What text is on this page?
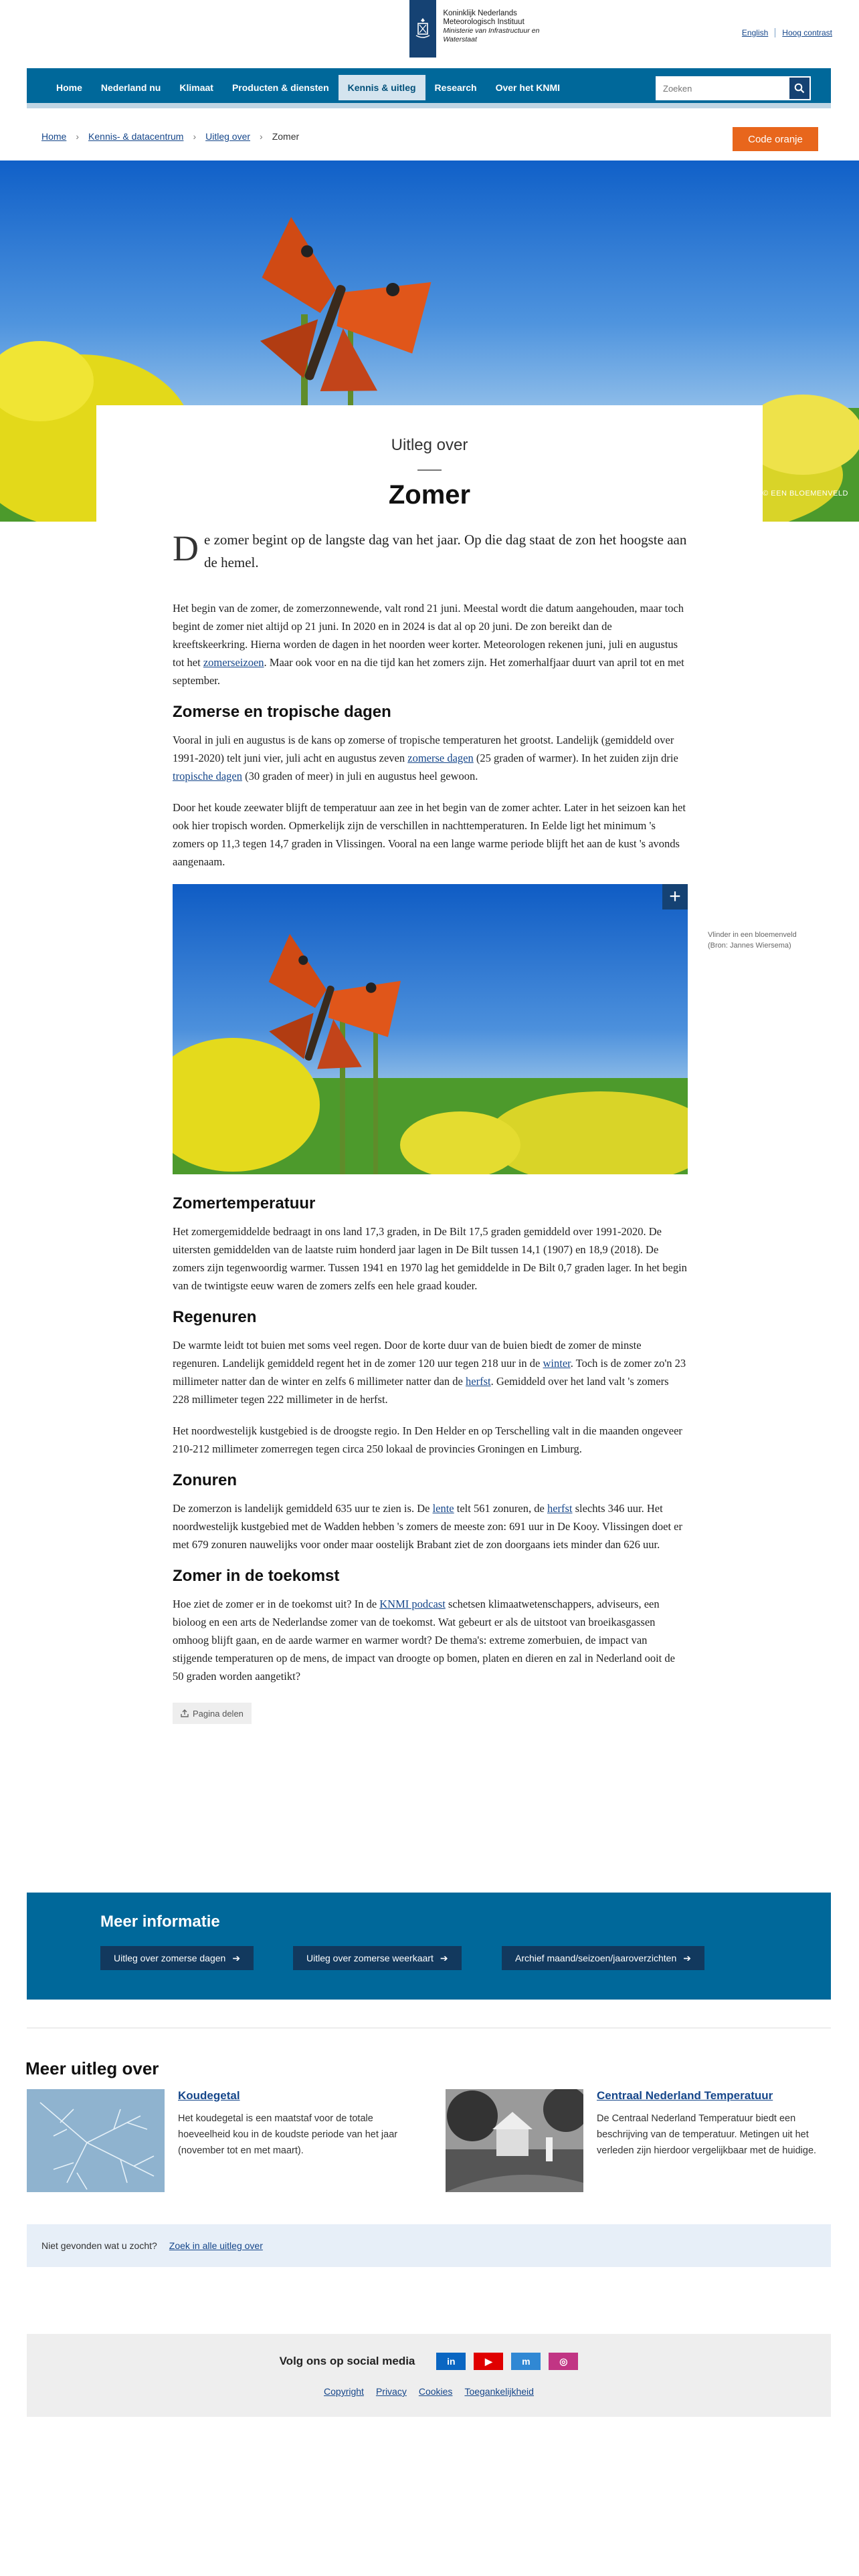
Koninklijk Nederlands
Meteorologisch Instituut
Ministerie van Infrastructuur en Waterstaat
English Hoog contrast
Home	Nederland nu	Klimaat	Producten & diensten	Kennis & uitleg	Research	Over het KNMI
Zoeken
Home › Kennis- & datacentrum › Uitleg over › Zomer	Code oranje
© EEN BLOEMENVELD
Uitleg over
Zomer

De zomer begint op de langste dag van het jaar. Op die dag staat de zon het hoogste aan de hemel.

Het begin van de zomer, de zomerzonnewende, valt rond 21 juni. Meestal wordt die datum aangehouden, maar toch begint de zomer niet altijd op 21 juni. In 2020 en in 2024 is dat al op 20 juni. De zon bereikt dan de kreeftskeerkring. Hierna worden de dagen in het noorden weer korter. Meteorologen rekenen juni, juli en augustus tot het zomerseizoen. Maar ook voor en na die tijd kan het zomers zijn. Het zomerhalfjaar duurt van april tot en met september.

Zomerse en tropische dagen

Vooral in juli en augustus is de kans op zomerse of tropische temperaturen het grootst. Landelijk (gemiddeld over 1991-2020) telt juni vier, juli acht en augustus zeven zomerse dagen (25 graden of warmer). In het zuiden zijn drie tropische dagen (30 graden of meer) in juli en augustus heel gewoon.

Door het koude zeewater blijft de temperatuur aan zee in het begin van de zomer achter. Later in het seizoen kan het ook hier tropisch worden. Opmerkelijk zijn de verschillen in nachttemperaturen. In Eelde ligt het minimum 's zomers op 11,3 tegen 14,7 graden in Vlissingen. Vooral na een lange warme periode blijft het aan de kust 's avonds aangenaam.

+
Zomertemperatuur

Het zomergemiddelde bedraagt in ons land 17,3 graden, in De Bilt 17,5 graden gemiddeld over 1991-2020. De uitersten gemiddelden van de laatste ruim honderd jaar lagen in De Bilt tussen 14,1 (1907) en 18,9 (2018). De zomers zijn tegenwoordig warmer. Tussen 1941 en 1970 lag het gemiddelde in De Bilt 0,7 graden lager. In het begin van de twintigste eeuw waren de zomers zelfs een hele graad kouder.

Regenuren

De warmte leidt tot buien met soms veel regen. Door de korte duur van de buien biedt de zomer de minste regenuren. Landelijk gemiddeld regent het in de zomer 120 uur tegen 218 uur in de winter. Toch is de zomer zo'n 23 millimeter natter dan de winter en zelfs 6 millimeter natter dan de herfst. Gemiddeld over het land valt 's zomers 228 millimeter tegen 222 millimeter in de herfst.

Het noordwestelijk kustgebied is de droogste regio. In Den Helder en op Terschelling valt in die maanden ongeveer 210-212 millimeter zomerregen tegen circa 250 lokaal de provincies Groningen en Limburg.

Zonuren

De zomerzon is landelijk gemiddeld 635 uur te zien is. De lente telt 561 zonuren, de herfst slechts 346 uur. Het noordwestelijk kustgebied met de Wadden hebben 's zomers de meeste zon: 691 uur in De Kooy. Vlissingen doet er met 679 zonuren nauwelijks voor onder maar oostelijk Brabant ziet de zon doorgaans iets minder dan 626 uur.

Zomer in de toekomst

Hoe ziet de zomer er in de toekomst uit? In de KNMI podcast schetsen klimaatwetenschappers, adviseurs, een bioloog en een arts de Nederlandse zomer van de toekomst. Wat gebeurt er als de uitstoot van broeikasgassen omhoog blijft gaan, en de aarde warmer en warmer wordt? De thema's: extreme zomerbuien, de impact van stijgende temperaturen op de mens, de impact van droogte op bomen, platen en dieren en zal in Nederland ooit de 50 graden worden aangetikt?

Pagina delen
Vlinder in een bloemenveld
(Bron: Jannes Wiersema)
Meer informatie
Uitleg over zomerse dagen ➔	Uitleg over zomerse weerkaart ➔	Archief maand/seizoen/jaaroverzichten ➔
Meer uitleg over
Koudegetal
Het koudegetal is een maatstaf voor de totale hoeveelheid kou in de koudste periode van het jaar (november tot en met maart).
Centraal Nederland Temperatuur
De Centraal Nederland Temperatuur biedt een beschrijving van de temperatuur. Metingen uit het verleden zijn hierdoor vergelijkbaar met de huidige.
Niet gevonden wat u zocht? Zoek in alle uitleg over
Volg ons op social media	in	▶	m	◎
Copyright Privacy Cookies Toegankelijkheid
